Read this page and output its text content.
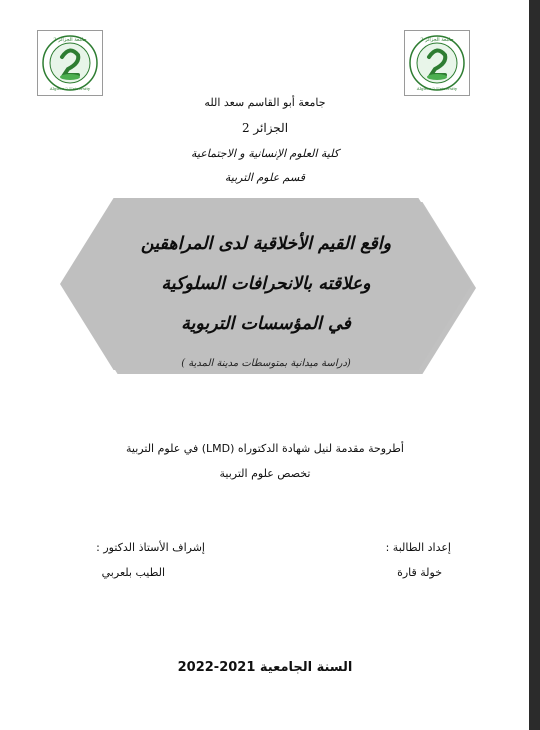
جامعة الجزائر 2
Algiers 2 University
جامعة الجزائر 2
Algiers 2 University
جامعة أبو القاسم سعد الله
الجزائر 2
كلية العلوم الإنسانية و الاجتماعية
قسم علوم التربية
واقع القيم الأخلاقية لدى المراهقين
وعلاقته بالانحرافات السلوكية
في المؤسسات التربوية
(دراسة ميدانية بمتوسطات مدينة المدية )
أطروحة مقدمة لنيل شهادة الدكتوراه (LMD) في علوم التربية
تخصص علوم التربية
إعداد الطالبة :
خولة قارة
إشراف الأستاذ الدكتور :
الطيب بلعربي
السنة الجامعية 2021-2022
